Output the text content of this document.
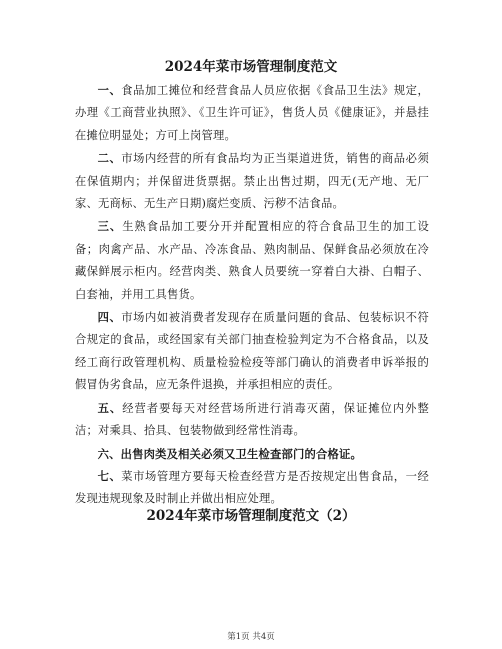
2024年菜市场管理制度范文

一、食品加工摊位和经营食品人员应依据《食品卫生法》规定，办理《工商营业执照》、《卫生许可证》，售货人员《健康证》，并悬挂在摊位明显处；方可上岗管理。

二、市场内经营的所有食品均为正当渠道进货，销售的商品必须在保值期内；并保留进货票据。禁止出售过期，四无(无产地、无厂家、无商标、无生产日期)腐烂变质、污秽不洁食品。

三、生熟食品加工要分开并配置相应的符合食品卫生的加工设备；肉禽产品、水产品、冷冻食品、熟肉制品、保鲜食品必须放在冷藏保鲜展示柜内。经营肉类、熟食人员要统一穿着白大褂、白帽子、白套袖，并用工具售货。

四、市场内如被消费者发现存在质量问题的食品、包装标识不符合规定的食品，或经国家有关部门抽查检验判定为不合格食品，以及经工商行政管理机构、质量检验检疫等部门确认的消费者申诉举报的假冒伪劣食品，应无条件退换，并承担相应的责任。

五、经营者要每天对经营场所进行消毒灭菌，保证摊位内外整洁；对乘具、拾具、包装物做到经常性消毒。

六、出售肉类及相关必须又卫生检查部门的合格证。

七、菜市场管理方要每天检查经营方是否按规定出售食品，一经发现违规现象及时制止并做出相应处理。

2024年菜市场管理制度范文（2）
第1页 共4页
